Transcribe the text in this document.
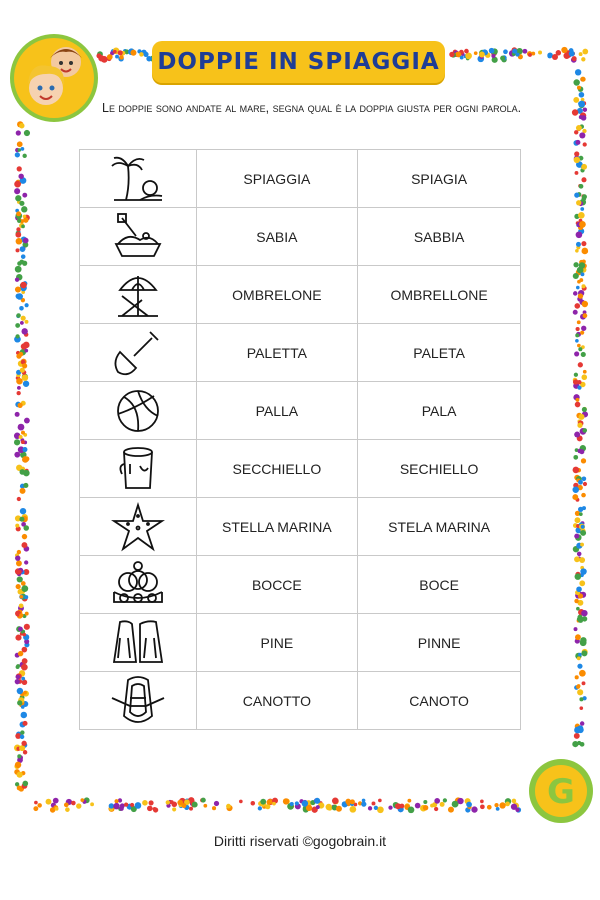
DOPPIE IN SPIAGGIA
Le doppie sono andate al mare, segna qual è la doppia giusta per ogni parola.
	SPIAGGIA	SPIAGIA

	SABIA	SABBIA

	OMBRELONE	OMBRELLONE

	PALETTA	PALETA

	PALLA	PALA

	SECCHIELLO	SECHIELLO

	STELLA MARINA	STELA MARINA

	BOCCE	BOCE

	PINE	PINNE

	CANOTTO	CANOTO
G
Diritti riservati ©gogobrain.it
